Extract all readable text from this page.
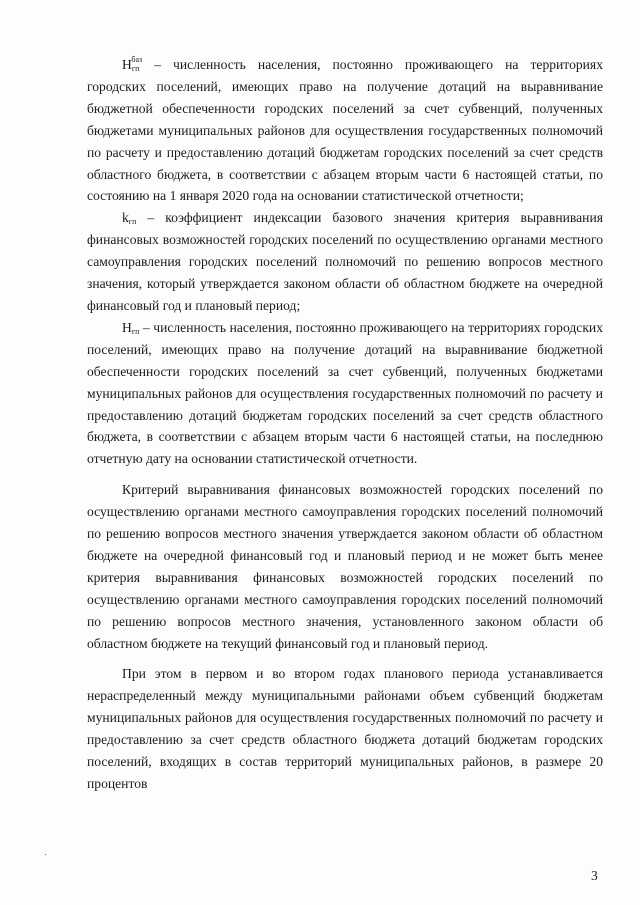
$Н_{гп}^{баз}$ – численность населения, постоянно проживающего на территориях городских поселений, имеющих право на получение дотаций на выравнивание бюджетной обеспеченности городских поселений за счет субвенций, полученных бюджетами муниципальных районов для осуществления государственных полномочий по расчету и предоставлению дотаций бюджетам городских поселений за счет средств областного бюджета, в соответствии с абзацем вторым части 6 настоящей статьи, по состоянию на 1 января 2020 года на основании статистической отчетности;

$k_{гп}$ – коэффициент индексации базового значения критерия выравнивания финансовых возможностей городских поселений по осуществлению органами местного самоуправления городских поселений полномочий по решению вопросов местного значения, который утверждается законом области об областном бюджете на очередной финансовый год и плановый период;

$Н_{гп}$ – численность населения, постоянно проживающего на территориях городских поселений, имеющих право на получение дотаций на выравнивание бюджетной обеспеченности городских поселений за счет субвенций, полученных бюджетами муниципальных районов для осуществления государственных полномочий по расчету и предоставлению дотаций бюджетам городских поселений за счет средств областного бюджета, в соответствии с абзацем вторым части 6 настоящей статьи, на последнюю отчетную дату на основании статистической отчетности.

Критерий выравнивания финансовых возможностей городских поселений по осуществлению органами местного самоуправления городских поселений полномочий по решению вопросов местного значения утверждается законом области об областном бюджете на очередной финансовый год и плановый период и не может быть менее критерия выравнивания финансовых возможностей городских поселений по осуществлению органами местного самоуправления городских поселений полномочий по решению вопросов местного значения, установленного законом области об областном бюджете на текущий финансовый год и плановый период.

При этом в первом и во втором годах планового периода устанавливается нераспределенный между муниципальными районами объем субвенций бюджетам муниципальных районов для осуществления государственных полномочий по расчету и предоставлению за счет средств областного бюджета дотаций бюджетам городских поселений, входящих в состав территорий муниципальных районов, в размере 20 процентов

3
